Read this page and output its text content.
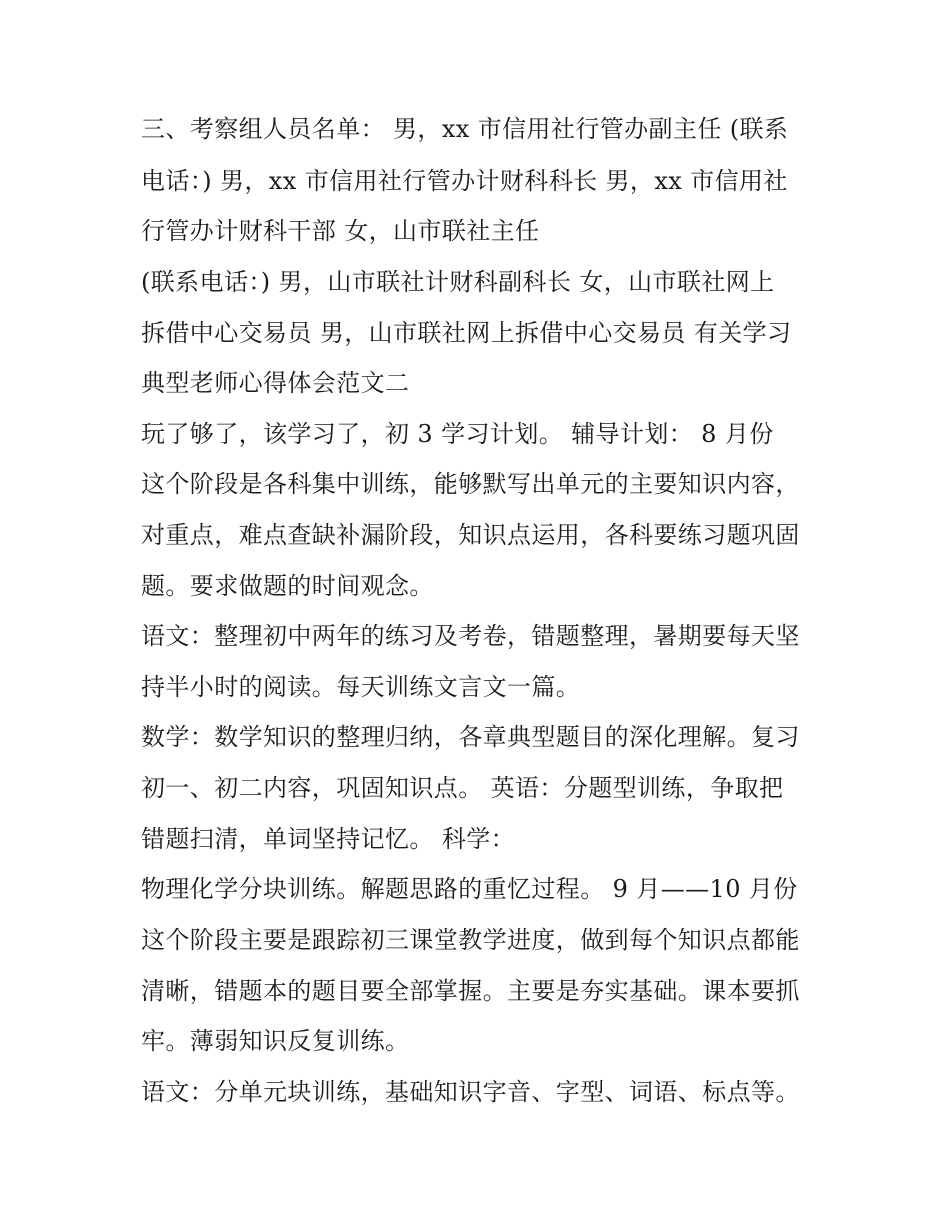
三、考察组人员名单： 男，xx 市信用社行管办副主任 (联系
电话：) 男，xx 市信用社行管办计财科科长 男，xx 市信用社
行管办计财科干部 女，山市联社主任
(联系电话：) 男，山市联社计财科副科长 女，山市联社网上
拆借中心交易员 男，山市联社网上拆借中心交易员 有关学习
典型老师心得体会范文二
玩了够了，该学习了，初 3 学习计划。 辅导计划： 8 月份
这个阶段是各科集中训练，能够默写出单元的主要知识内容，
对重点，难点查缺补漏阶段，知识点运用，各科要练习题巩固
题。要求做题的时间观念。
语文：整理初中两年的练习及考卷，错题整理，暑期要每天坚
持半小时的阅读。每天训练文言文一篇。
数学：数学知识的整理归纳，各章典型题目的深化理解。复习
初一、初二内容，巩固知识点。 英语：分题型训练，争取把
错题扫清，单词坚持记忆。 科学：
物理化学分块训练。解题思路的重忆过程。 9 月——10 月份
这个阶段主要是跟踪初三课堂教学进度，做到每个知识点都能
清晰，错题本的题目要全部掌握。主要是夯实基础。课本要抓
牢。薄弱知识反复训练。
语文：分单元块训练，基础知识字音、字型、词语、标点等。
